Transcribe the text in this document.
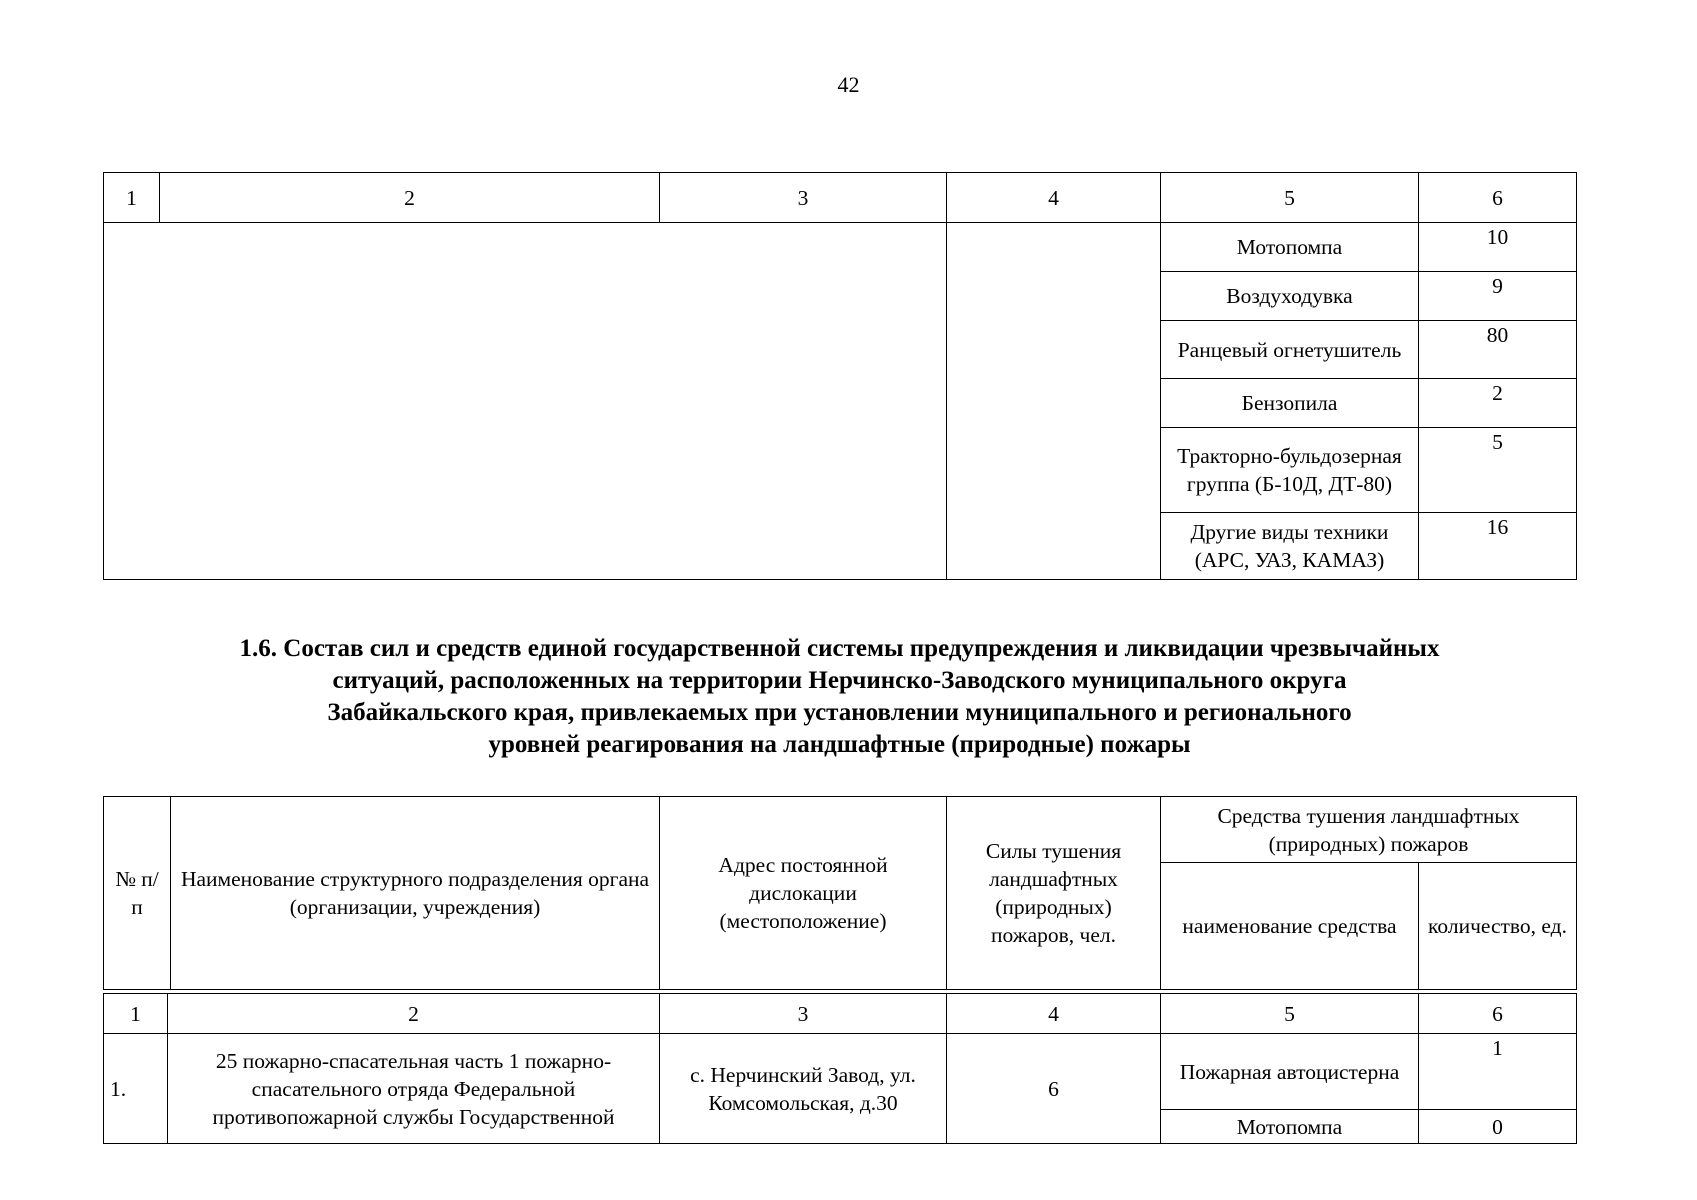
42
1	2	3	4	5	6
				Мотопомпа	10
				Воздуходувка	9
				Ранцевый огнетушитель	80
				Бензопила	2
				Тракторно-бульдозерная группа (Б-10Д, ДТ-80)	5
				Другие виды техники (АРС, УАЗ, КАМАЗ)	16
1.6. Состав сил и средств единой государственной системы предупреждения и ликвидации чрезвычайных
ситуаций, расположенных на территории Нерчинско-Заводского муниципального округа
Забайкальского края, привлекаемых при установлении муниципального и регионального
уровней реагирования на ландшафтные (природные) пожары
№ п/п	Наименование структурного подразделения органа (организации, учреждения)	Адрес постоянной дислокации (местоположение)	Силы тушения ландшафтных (природных) пожаров, чел.	Средства тушения ландшафтных (природных) пожаров	
				наименование средства	количество, ед.
1	2	3	4	5	6
1.	25 пожарно-спасательная часть 1 пожарно-спасательного отряда Федеральной противопожарной службы Государственной	с. Нерчинский Завод, ул. Комсомольская, д.30	6	Пожарная автоцистерна	1
				Мотопомпа	0
